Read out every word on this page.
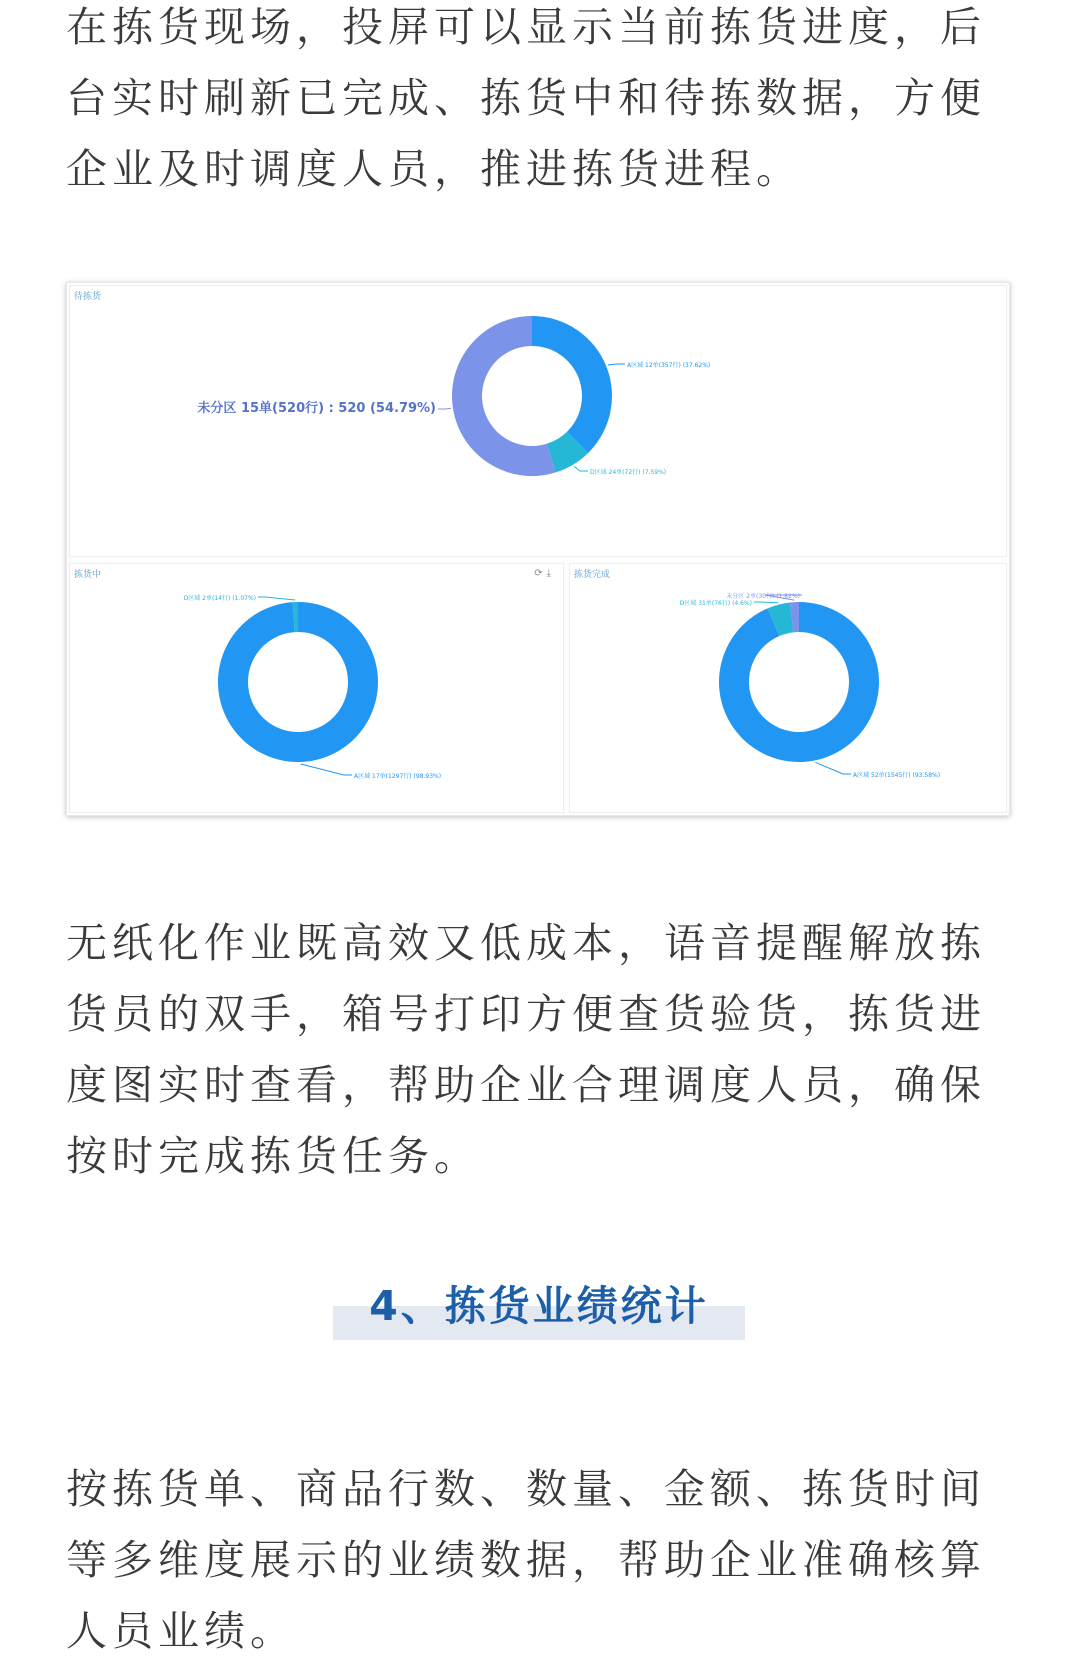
在拣货现场，投屏可以显示当前拣货进度，后
台实时刷新已完成、拣货中和待拣数据，方便
企业及时调度人员，推进拣货进程。
待拣货
A区域 12单(357行) (37.62%)
D区域 24单(72行) (7.59%)
未分区 15单(520行) : 520 (54.79%)
拣货中	⟳⤓
A区域 17单(1297行) (98.93%)
D区域 2单(14行) (1.07%)
拣货完成
A区域 52单(1545行) (93.58%)
D区域 31单(76行) (4.6%)
未分区 2单(30行) (1.82%)
无纸化作业既高效又低成本，语音提醒解放拣
货员的双手，箱号打印方便查货验货，拣货进
度图实时查看，帮助企业合理调度人员，确保
按时完成拣货任务。
4、拣货业绩统计
按拣货单、商品行数、数量、金额、拣货时间
等多维度展示的业绩数据，帮助企业准确核算
人员业绩。
